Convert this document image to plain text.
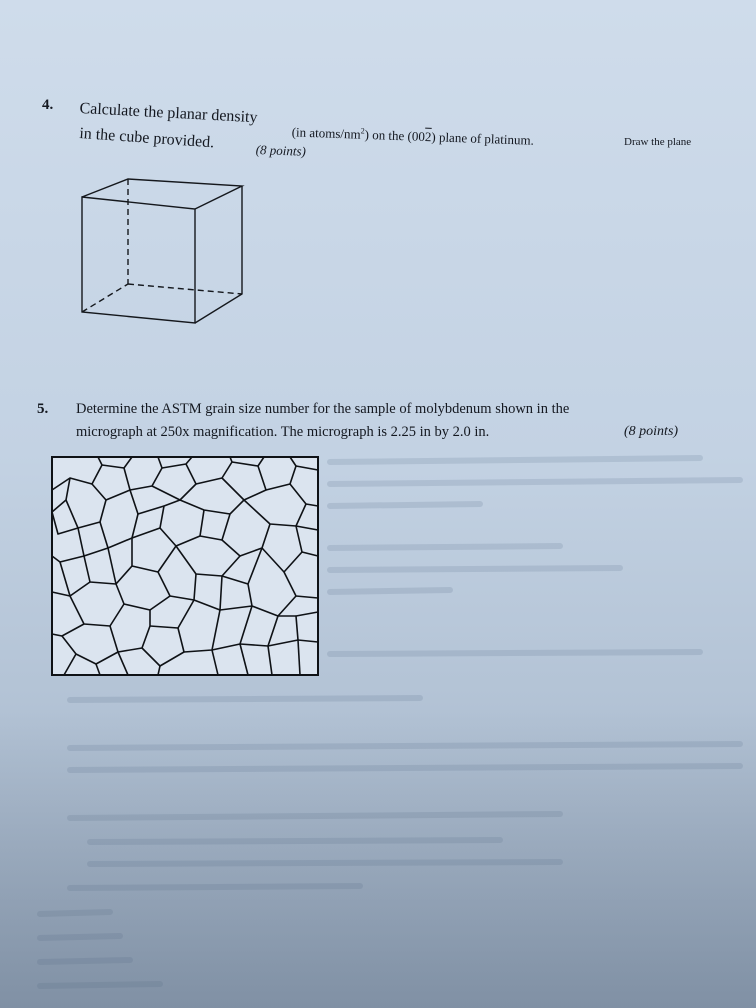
4. Calculate the planar density
(in atoms/$nm^2$) on the (002) plane of platinum.	Draw the plane
in the cube provided.	(8 points)
5. Determine the ASTM grain size number for the sample of molybdenum shown in the
micrograph at 250x magnification. The micrograph is 2.25 in by 2.0 in.	(8 points)
